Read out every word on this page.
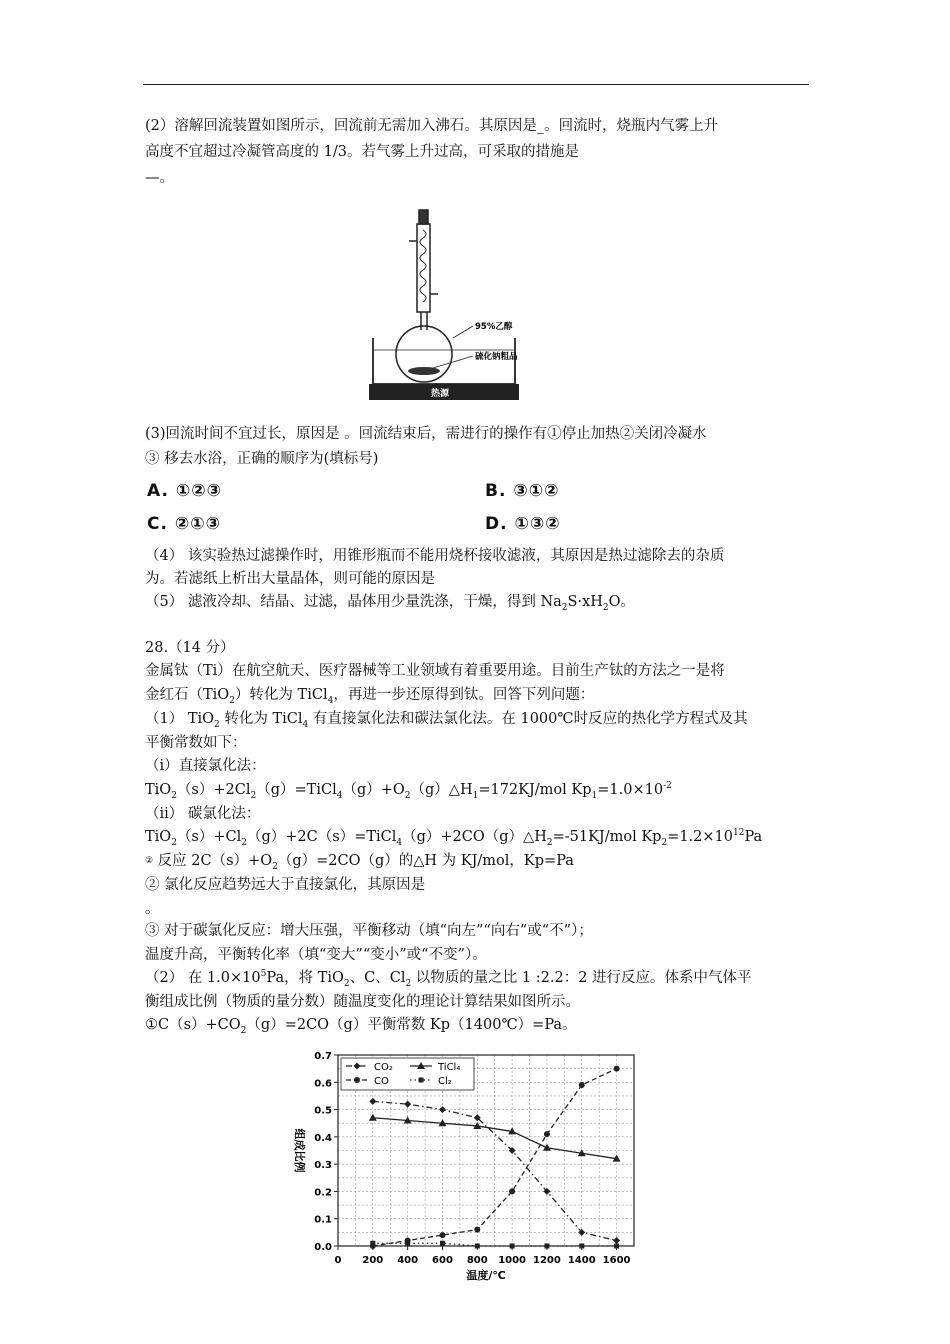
(2）溶解回流装置如图所示，回流前无需加入沸石。其原因是_。回流时，烧瓶内气雾上升
高度不宜超过冷凝管高度的 1/3。若气雾上升过高，可采取的措施是
—。
95%乙醇
硫化钠粗品
热源
(3)回流时间不宜过长，原因是 。回流结束后，需进行的操作有①停止加热②关闭冷凝水
③ 移去水浴，正确的顺序为(填标号)
A. ①②③	B. ③①②
C. ②①③	D. ①③②
（4） 该实验热过滤操作时，用锥形瓶而不能用烧杯接收滤液，其原因是热过滤除去的杂质
为。若滤纸上析出大量晶体，则可能的原因是
（5） 滤液冷却、结晶、过滤，晶体用少量洗涤，干燥，得到 $Na_2S\cdot xH_2O$。
28.（14 分）
金属钛（Ti）在航空航天、医疗器械等工业领域有着重要用途。目前生产钛的方法之一是将
金红石（TiO$_2$）转化为 TiCl$_4$，再进一步还原得到钛。回答下列问题：
（1） TiO$_2$ 转化为 TiCl$_4$ 有直接氯化法和碳法氯化法。在 1000℃时反应的热化学方程式及其
平衡常数如下：
（i）直接氯化法：
$TiO_2(s)+2Cl_2(g)=TiCl_4(g)+O_2(g)\triangle H_1=172KJ$/mol $Kp_1=1.0\times 10^{-2}$
（ii） 碳氯化法：
$TiO_2(s)+Cl_2(g)+2C(s)=TiCl_4(g)+2CO(g)\triangle H_2=-51KJ$/mol $Kp_2=1.2\times 10^{12}Pa$
② 反应 $2C(s)+O_2(g)=2CO(g)$的△H 为 KJ/mol，Kp=Pa
② 氯化反应趋势远大于直接氯化，其原因是
。
③ 对于碳氯化反应：增大压强，平衡移动（填“向左”“向右”或“不”）；
温度升高，平衡转化率（填“变大”“变小”或“不变”）。
（2） 在 $1.0\times 10^5Pa$，将 TiO$_2$、C、$Cl_2$ 以物质的量之比 1 :2.2：2 进行反应。体系中气体平
衡组成比例（物质的量分数）随温度变化的理论计算结果如图所示。
$①C(s)+CO_2(g)=2CO(g)$平衡常数 Kp（1400℃）=Pa。
0 200 400 600 800 1000 1200 1400 1600
0.0
0.1
0.2
0.3
0.4
0.5
0.6
0.7
温度/℃
组成比例
CO₂	TiCl₄
CO	Cl₂
